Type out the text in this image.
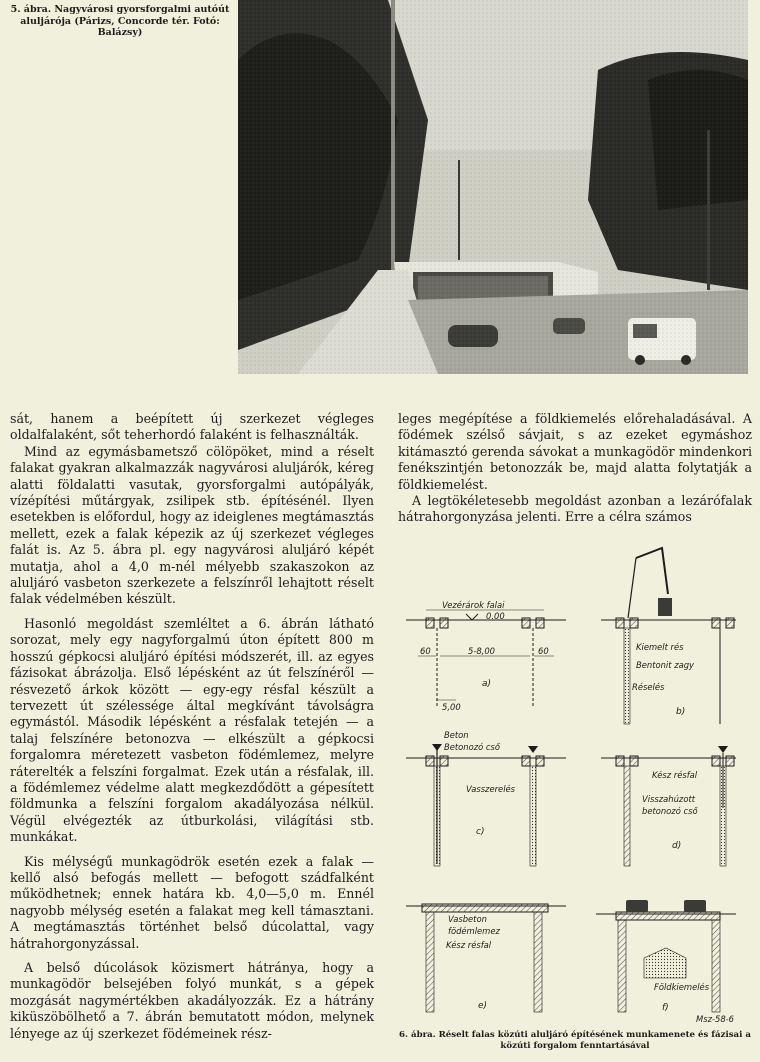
5. ábra. Nagyvárosi gyorsforgalmi autóút aluljárója (Párizs, Concorde tér. Fotó: Balázsy)

sát, hanem a beépített új szerkezet végleges oldalfalaként, sőt teherhordó falaként is felhasználták.

Mind az egymásbametsző cölöpöket, mind a réselt falakat gyakran alkalmazzák nagyvárosi aluljárók, kéreg alatti földalatti vasutak, gyorsforgalmi autópályák, vízépítési műtárgyak, zsilipek stb. építésénél. Ilyen esetekben is előfordul, hogy az ideiglenes megtámasztás mellett, ezek a falak képezik az új szerkezet végleges falát is. Az 5. ábra pl. egy nagyvárosi aluljáró képét mutatja, ahol a 4,0 m-nél mélyebb szakaszokon az aluljáró vasbeton szerkezete a felszínről lehajtott réselt falak védelmében készült.

Hasonló megoldást szemléltet a 6. ábrán látható sorozat, mely egy nagyforgalmú úton épített 800 m hosszú gépkocsi aluljáró építési módszerét, ill. az egyes fázisokat ábrázolja. Első lépésként az út felszínéről — résvezető árkok között — egy-egy résfal készült a tervezett út szélessége által megkívánt távolságra egymástól. Második lépésként a résfalak tetején — a talaj felszínére betonozva — elkészült a gépkocsi forgalomra méretezett vasbeton födémlemez, melyre ráterelték a felszíni forgalmat. Ezek után a résfalak, ill. a födémlemez védelme alatt megkezdődött a gépesített földmunka a felszíni forgalom akadályozása nélkül. Végül elvégezték az útburkolási, világítási stb. munkákat.

Kis mélységű munkagödrök esetén ezek a falak — kellő alsó befogás mellett — befogott szádfalként működhetnek; ennek határa kb. 4,0—5,0 m. Ennél nagyobb mélység esetén a falakat meg kell támasztani. A megtámasztás történhet belső dúcolattal, vagy hátrahorgonyzással.

A belső dúcolások közismert hátránya, hogy a munkagödör belsejében folyó munkát, s a gépek mozgását nagymértékben akadályozzák. Ez a hátrány kiküszöbölhető a 7. ábrán bemutatott módon, melynek lényege az új szerkezet födémeinek rész-

leges megépítése a földkiemelés előrehaladásával. A födémek szélső sávjait, s az ezeket egymáshoz kitámasztó gerenda sávokat a munkagödör mindenkori fenékszintjén betonozzák be, majd alatta folytatják a földkiemelést.

A legtökéletesebb megoldást azonban a lezárófalak hátrahorgonyzása jelenti. Erre a célra számos

Vezérárok falai
0.00
60	5-8,00	60
5,00
a)
Kiemelt rés
Bentonit zagy
Réselés
b)
Beton
Betonozó cső
Vasszerelés
c)
Kész résfal
Visszahúzott
betonozó cső
d)
Vasbeton
födémlemez
Kész résfal
e)
Földkiemelés
f)
Msz-58-6
6. ábra. Réselt falas közúti aluljáró építésének munkamenete és fázisai a közúti forgalom fenntartásával
